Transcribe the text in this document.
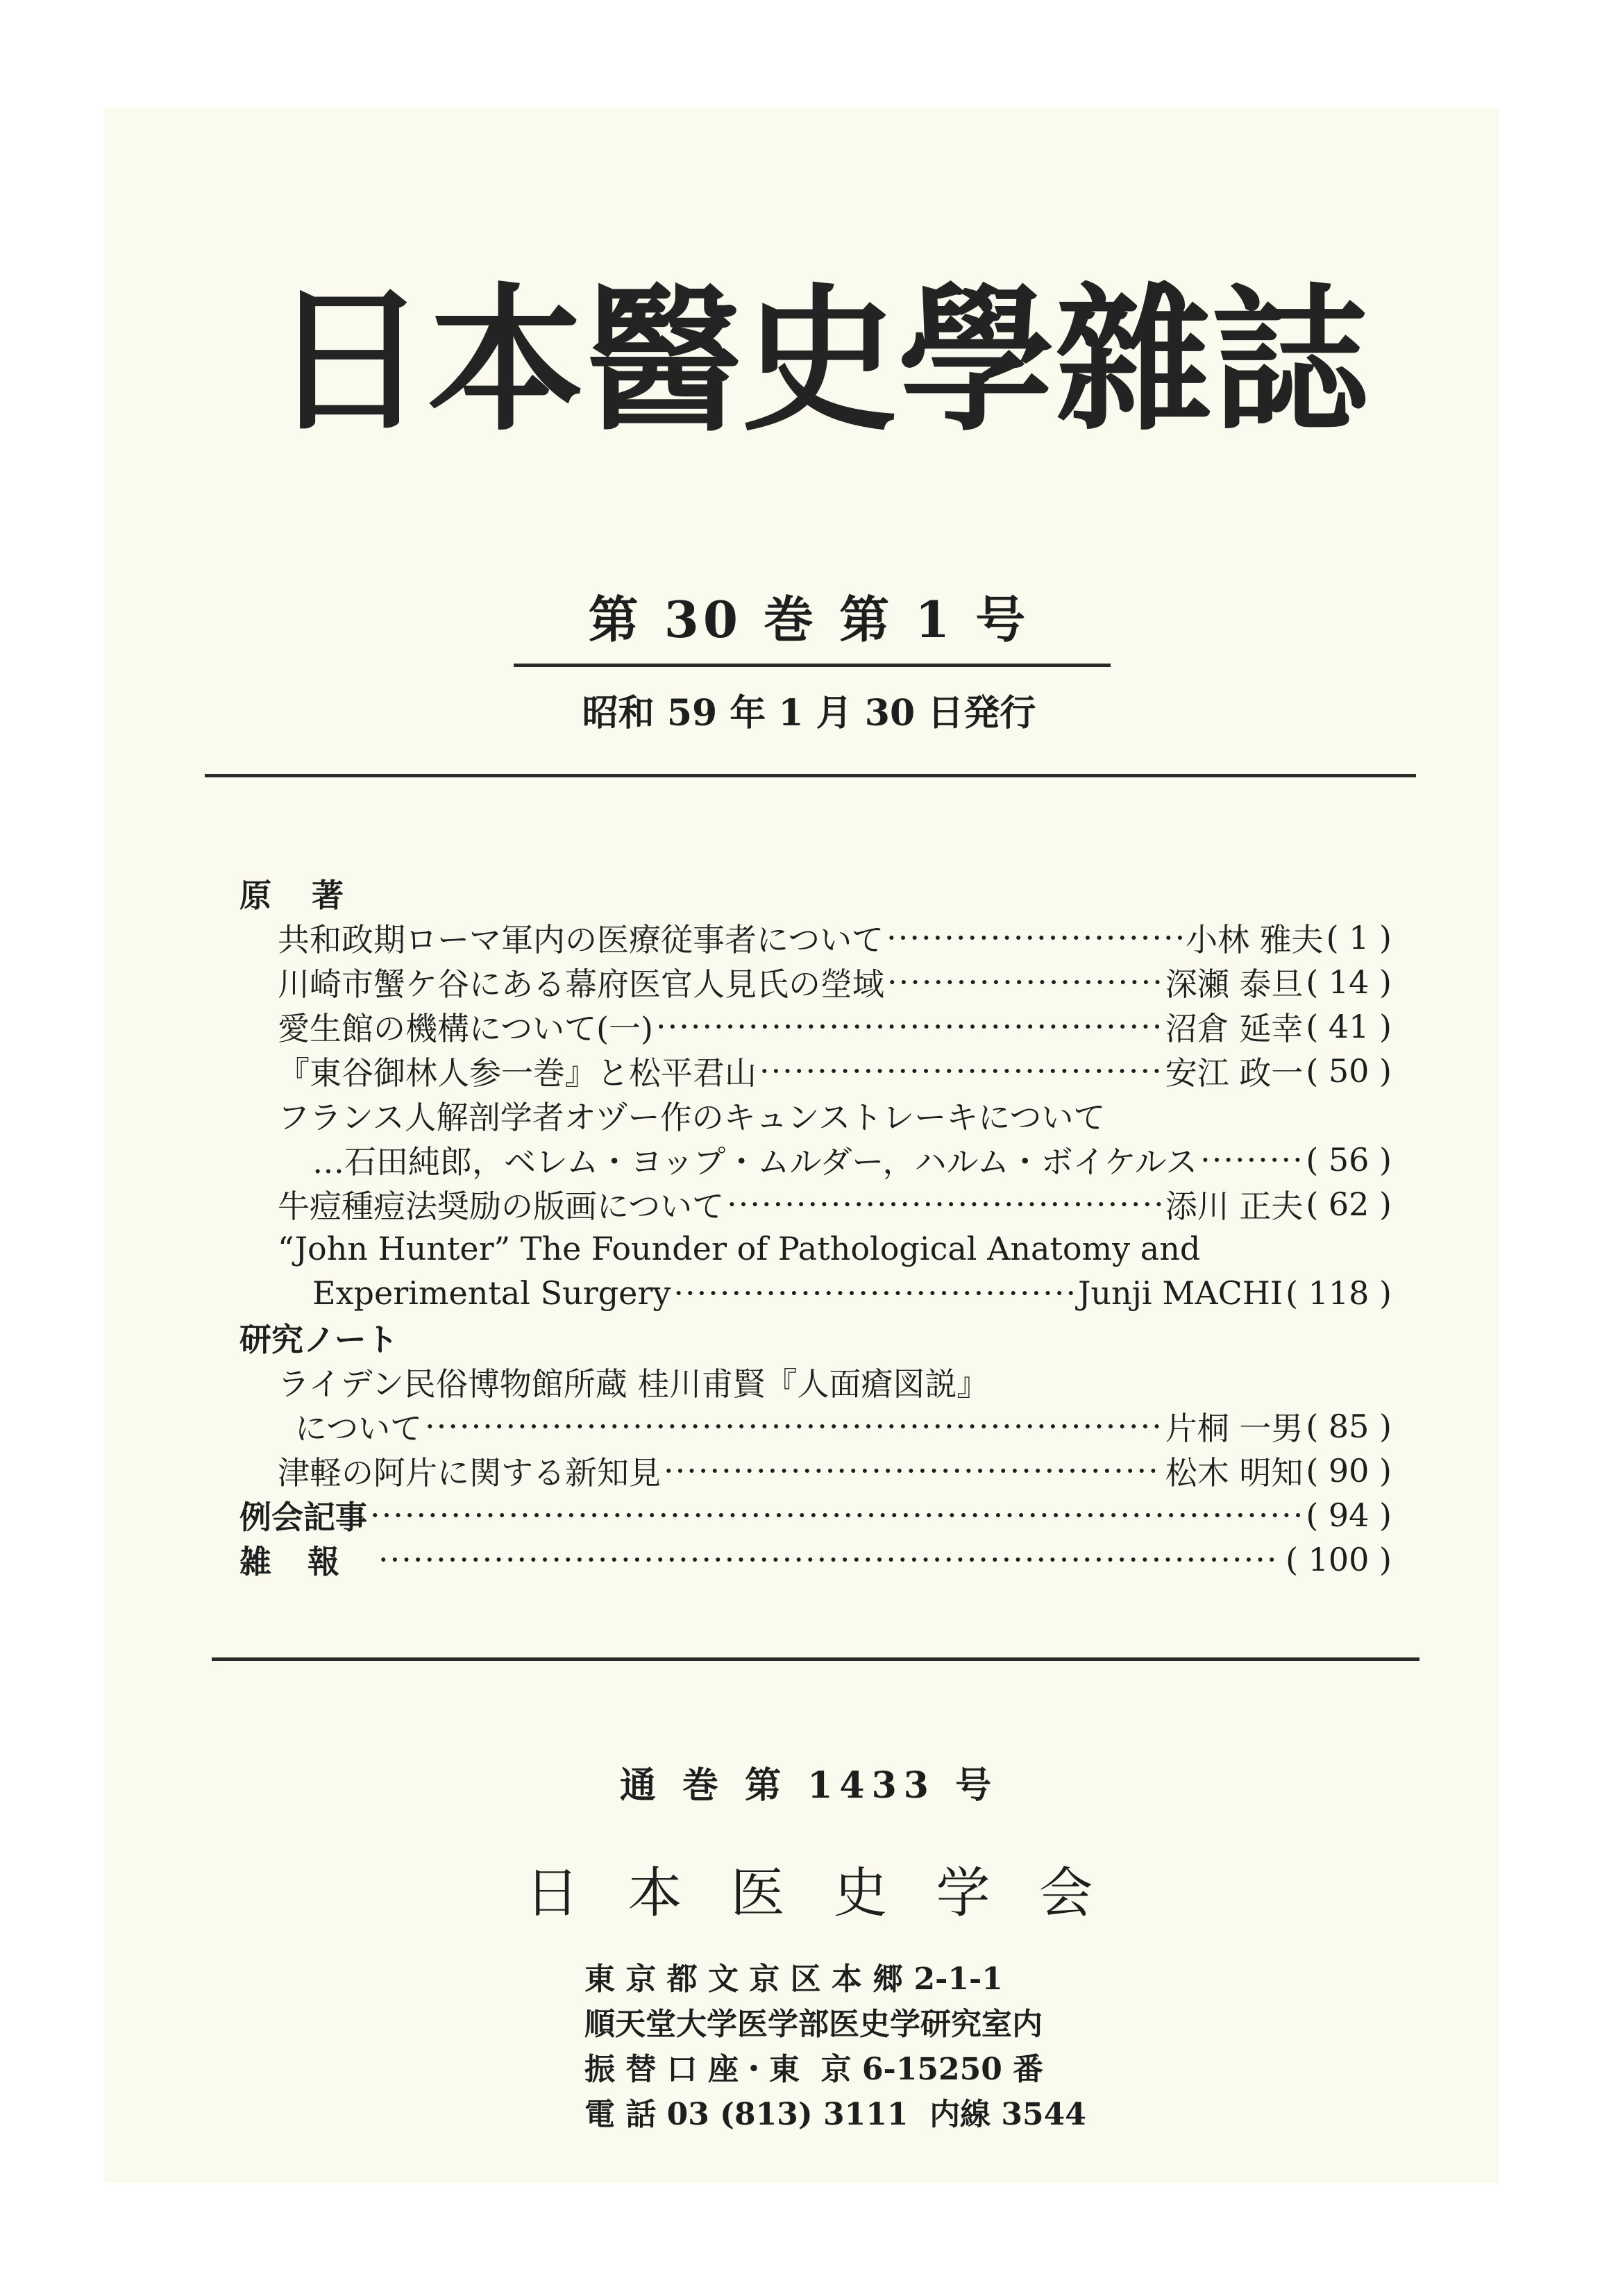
日 本 醫 史 學 雜 誌
第 30 巻 第 1 号
昭和 59 年 1 月 30 日発行
原著
共和政期ローマ軍内の医療従事者について ·····	小林 雅夫 ( 1 )
川崎市蟹ケ谷にある幕府医官人見氏の塋域 ·····	深瀬 泰旦 ( 14 )
愛生館の機構について(一) ·····	沼倉 延幸 ( 41 )
『東谷御林人参一巻』と松平君山 ·····	安江 政一 ( 50 )
フランス人解剖学者オヅー作のキュンストレーキについて
…石田純郎，ベレム・ヨップ・ムルダー，ハルム・ボイケルス ·····	( 56 )
牛痘種痘法奨励の版画について ·····	添川 正夫 ( 62 )
“John Hunter” The Founder of Pathological Anatomy and
Experimental Surgery ·····	Junji MACHI ( 118 )
研究ノート
ライデン民俗博物館所蔵 桂川甫賢『人面瘡図説』
について ·····	片桐 一男 ( 85 )
津軽の阿片に関する新知見 ·····	松木 明知 ( 90 )
例会記事 ·····	( 94 )
雑報 ·····	( 100 )
通 巻 第 1433 号
日本医史学会
東 京 都 文 京 区 本 郷 2-1-1
順天堂大学医学部医史学研究室内
振 替 口 座・東  京 6-15250 番
電 話 03 (813) 3111  内線 3544
